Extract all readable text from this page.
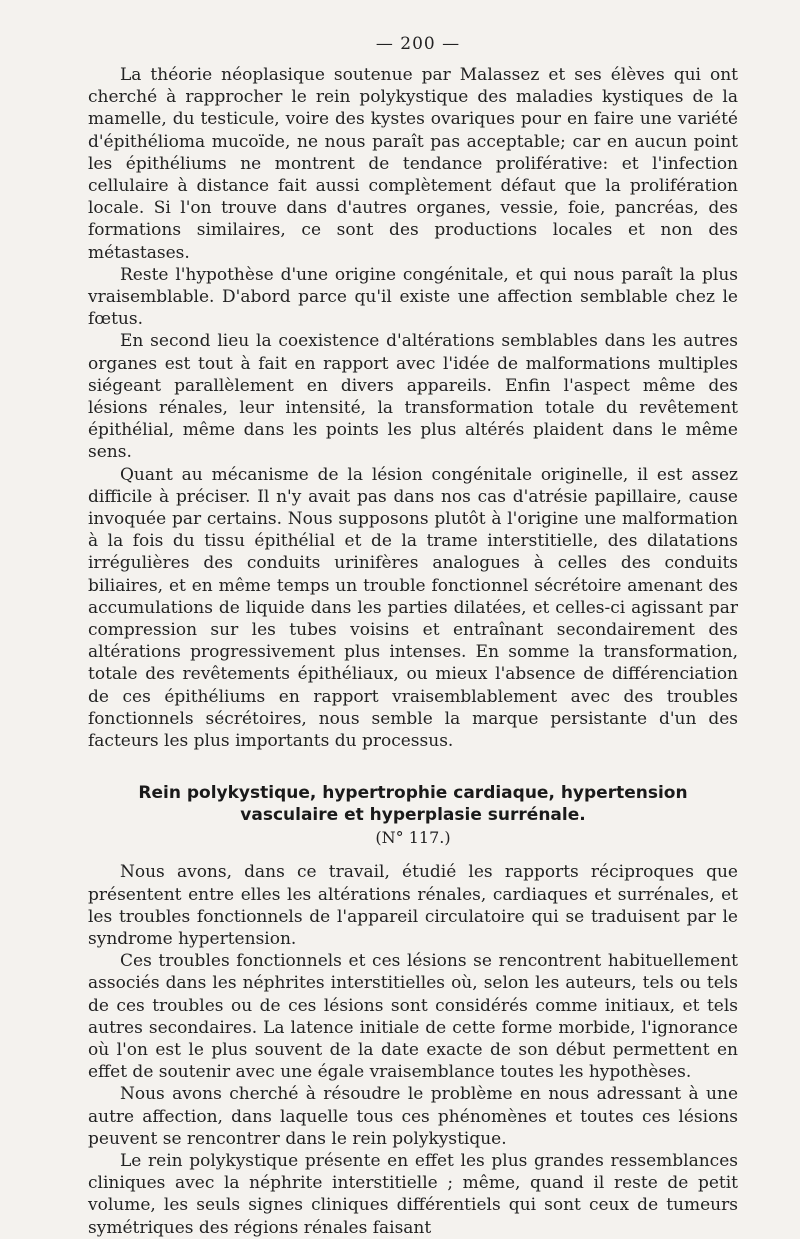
— 200 —

La théorie néoplasique soutenue par Malassez et ses élèves qui ont cherché à rapprocher le rein polykystique des maladies kystiques de la mamelle, du testicule, voire des kystes ovariques pour en faire une variété d'épithélioma mucoïde, ne nous paraît pas acceptable; car en aucun point les épithéliums ne montrent de tendance proliférative: et l'infection cellulaire à distance fait aussi complètement défaut que la prolifération locale. Si l'on trouve dans d'autres organes, vessie, foie, pancréas, des formations similaires, ce sont des productions locales et non des métastases.

Reste l'hypothèse d'une origine congénitale, et qui nous paraît la plus vraisemblable. D'abord parce qu'il existe une affection semblable chez le fœtus.

En second lieu la coexistence d'altérations semblables dans les autres organes est tout à fait en rapport avec l'idée de malformations multiples siégeant parallèlement en divers appareils. Enfin l'aspect même des lésions rénales, leur intensité, la transformation totale du revêtement épithélial, même dans les points les plus altérés plaident dans le même sens.

Quant au mécanisme de la lésion congénitale originelle, il est assez difficile à préciser. Il n'y avait pas dans nos cas d'atrésie papillaire, cause invoquée par certains. Nous supposons plutôt à l'origine une malformation à la fois du tissu épithélial et de la trame interstitielle, des dilatations irrégulières des conduits urinifères analogues à celles des conduits biliaires, et en même temps un trouble fonctionnel sécrétoire amenant des accumulations de liquide dans les parties dilatées, et celles-ci agissant par compression sur les tubes voisins et entraînant secondairement des altérations progressivement plus intenses. En somme la transformation, totale des revêtements épithéliaux, ou mieux l'absence de différenciation de ces épithéliums en rapport vraisemblablement avec des troubles fonctionnels sécrétoires, nous semble la marque persistante d'un des facteurs les plus importants du processus.

Rein polykystique, hypertrophie cardiaque, hypertension
vasculaire et hyperplasie surrénale.
(N° 117.)

Nous avons, dans ce travail, étudié les rapports réciproques que présentent entre elles les altérations rénales, cardiaques et surrénales, et les troubles fonctionnels de l'appareil circulatoire qui se traduisent par le syndrome hypertension.

Ces troubles fonctionnels et ces lésions se rencontrent habituellement associés dans les néphrites interstitielles où, selon les auteurs, tels ou tels de ces troubles ou de ces lésions sont considérés comme initiaux, et tels autres secondaires. La latence initiale de cette forme morbide, l'ignorance où l'on est le plus souvent de la date exacte de son début permettent en effet de soutenir avec une égale vraisemblance toutes les hypothèses.

Nous avons cherché à résoudre le problème en nous adressant à une autre affection, dans laquelle tous ces phénomènes et toutes ces lésions peuvent se rencontrer dans le rein polykystique.

Le rein polykystique présente en effet les plus grandes ressemblances cliniques avec la néphrite interstitielle ; même, quand il reste de petit volume, les seuls signes cliniques différentiels qui sont ceux de tumeurs symétriques des régions rénales faisant
